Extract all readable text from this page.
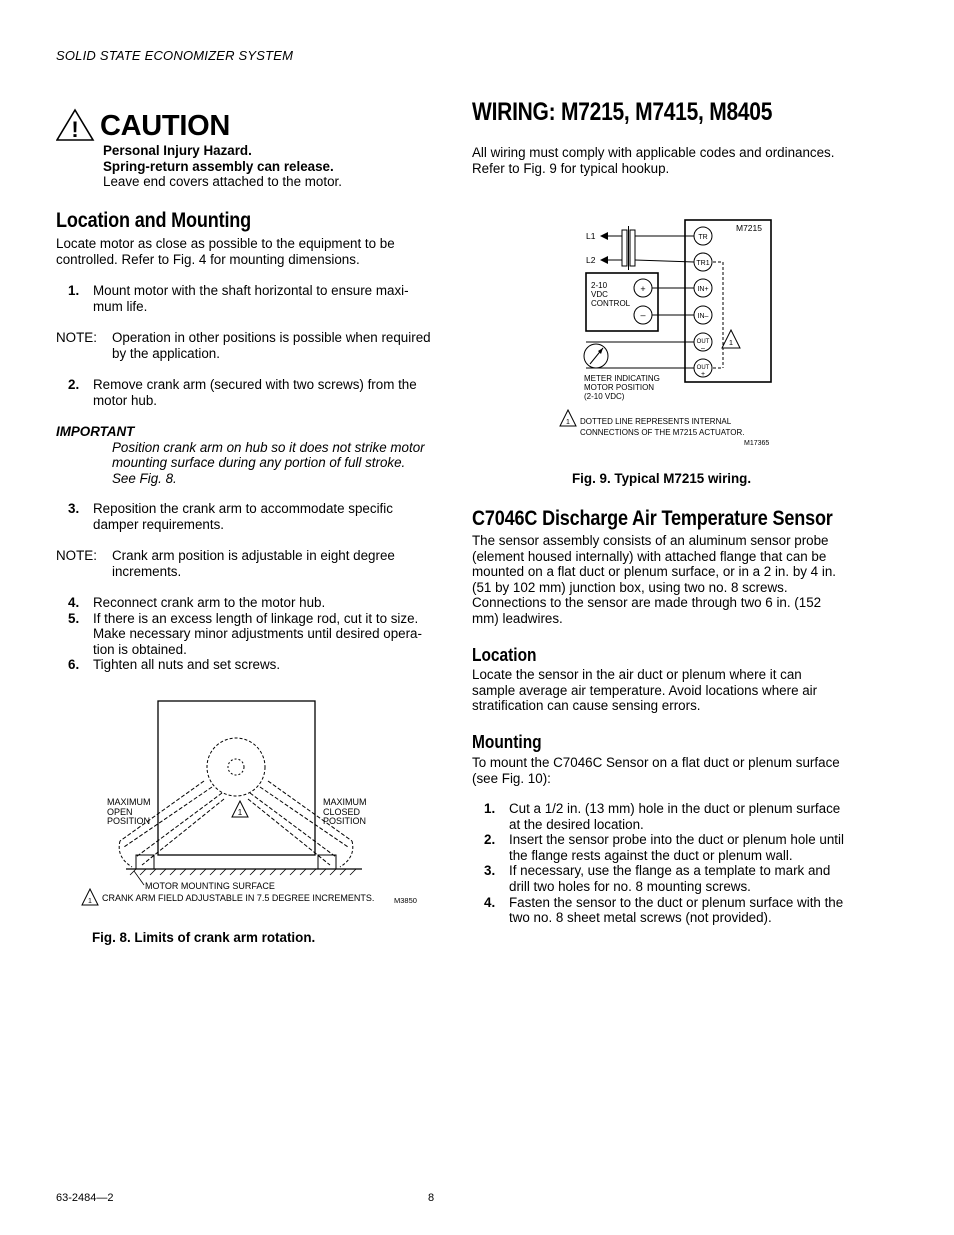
SOLID STATE ECONOMIZER SYSTEM
! CAUTION

Personal Injury Hazard.

Spring-return assembly can release.

Leave end covers attached to the motor.

Location and Mounting

Locate motor as close as possible to the equipment to be

controlled. Refer to Fig. 4 for mounting dimensions.

1. Mount motor with the shaft horizontal to ensure maxi-

mum life.

NOTE: Operation in other positions is possible when required

by the application.

2. Remove crank arm (secured with two screws) from the

motor hub.

IMPORTANT

Position crank arm on hub so it does not strike motor

mounting surface during any portion of full stroke.

See Fig. 8.

3. Reposition the crank arm to accommodate specific

damper requirements.

NOTE: Crank arm position is adjustable in eight degree

increments.

4. Reconnect crank arm to the motor hub.

5. If there is an excess length of linkage rod, cut it to size.

Make necessary minor adjustments until desired opera-

tion is obtained.

6. Tighten all nuts and set screws.

1
MAXIMUM
OPEN
POSITION
MAXIMUM
CLOSED
POSITION
MOTOR MOUNTING SURFACE
1 CRANK ARM FIELD ADJUSTABLE IN 7.5 DEGREE INCREMENTS.	M3850
Fig. 8. Limits of crank arm rotation.
WIRING: M7215, M7415, M8405

All wiring must comply with applicable codes and ordinances.

Refer to Fig. 9 for typical hookup.

M7215
TR
TR1
IN+
IN–
OUT
–
OUT
+
1
L1
L2
2-10
VDC
CONTROL
+
–
METER INDICATING
MOTOR POSITION
(2-10 VDC)
1 DOTTED LINE REPRESENTS INTERNAL
CONNECTIONS OF THE M7215 ACTUATOR.
M17365
Fig. 9. Typical M7215 wiring.
C7046C Discharge Air Temperature Sensor

The sensor assembly consists of an aluminum sensor probe

(element housed internally) with attached flange that can be

mounted on a flat duct or plenum surface, or in a 2 in. by 4 in.

(51 by 102 mm) junction box, using two no. 8 screws.

Connections to the sensor are made through two 6 in. (152

mm) leadwires.

Location

Locate the sensor in the air duct or plenum where it can

sample average air temperature. Avoid locations where air

stratification can cause sensing errors.

Mounting

To mount the C7046C Sensor on a flat duct or plenum surface

(see Fig. 10):

1. Cut a 1/2 in. (13 mm) hole in the duct or plenum surface

at the desired location.

2. Insert the sensor probe into the duct or plenum hole until

the flange rests against the duct or plenum wall.

3. If necessary, use the flange as a template to mark and

drill two holes for no. 8 mounting screws.

4. Fasten the sensor to the duct or plenum surface with the

two no. 8 sheet metal screws (not provided).

63-2484—2	8
